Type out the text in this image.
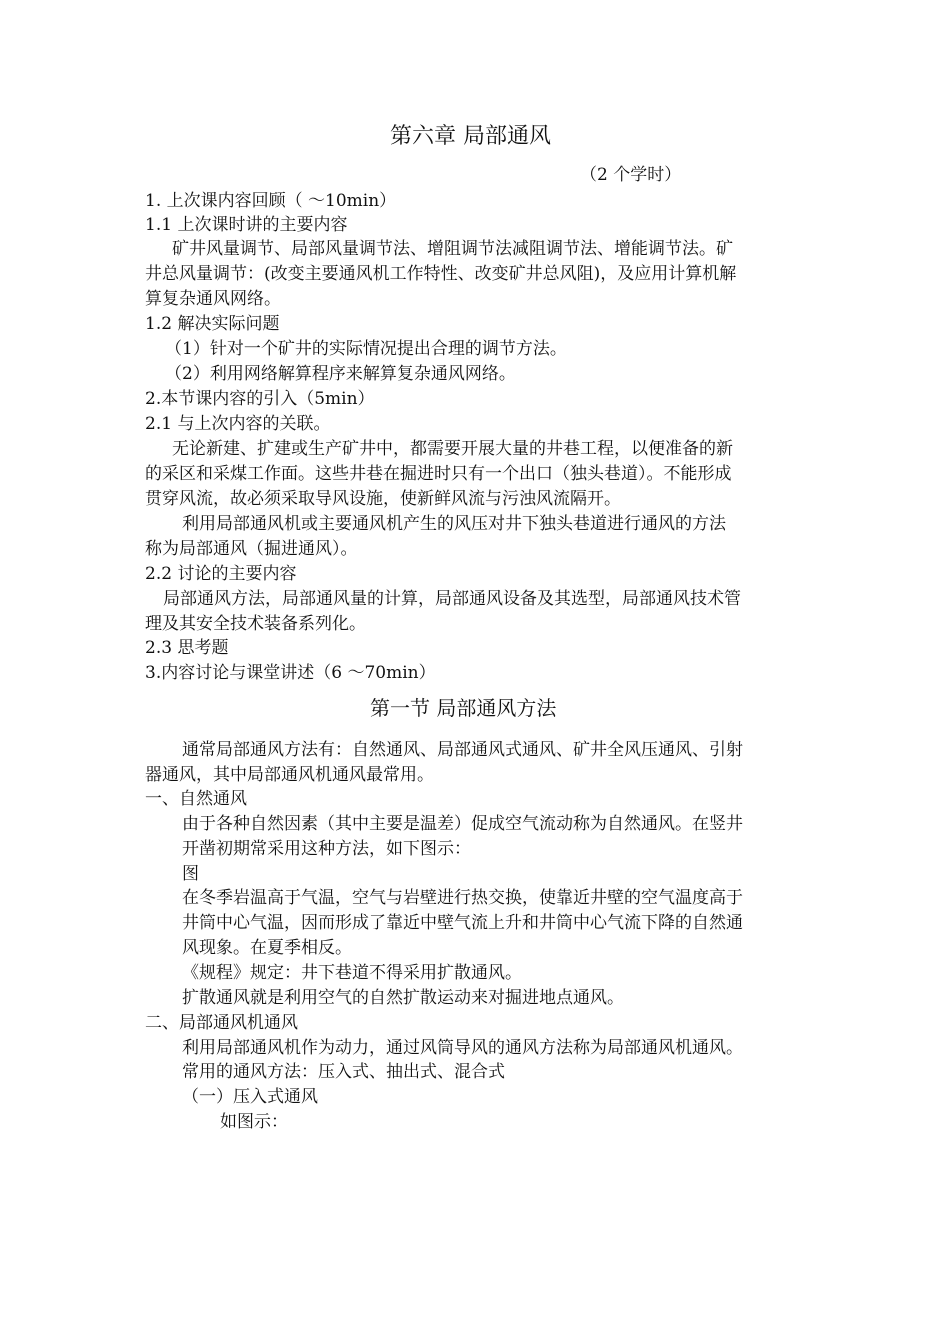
第六章 局部通风
（2 个学时）
1. 上次课内容回顾（ ～10min）
1.1 上次课时讲的主要内容
矿井风量调节、局部风量调节法、增阻调节法减阻调节法、增能调节法。矿
井总风量调节：(改变主要通风机工作特性、改变矿井总风阻)，及应用计算机解
算复杂通风网络。
1.2 解决实际问题
（1）针对一个矿井的实际情况提出合理的调节方法。
（2）利用网络解算程序来解算复杂通风网络。
2.本节课内容的引入（5min）
2.1 与上次内容的关联。
无论新建、扩建或生产矿井中，都需要开展大量的井巷工程，以便准备的新
的采区和采煤工作面。这些井巷在掘进时只有一个出口（独头巷道）。不能形成
贯穿风流，故必须采取导风设施，使新鲜风流与污浊风流隔开。
利用局部通风机或主要通风机产生的风压对井下独头巷道进行通风的方法
称为局部通风（掘进通风）。
2.2 讨论的主要内容
局部通风方法，局部通风量的计算，局部通风设备及其选型，局部通风技术管
理及其安全技术装备系列化。
2.3 思考题
3.内容讨论与课堂讲述（6 ～70min）
第一节 局部通风方法
通常局部通风方法有：自然通风、局部通风式通风、矿井全风压通风、引射
器通风，其中局部通风机通风最常用。
一、自然通风
由于各种自然因素（其中主要是温差）促成空气流动称为自然通风。在竖井
开凿初期常采用这种方法，如下图示：
图
在冬季岩温高于气温，空气与岩壁进行热交换，使靠近井壁的空气温度高于
井筒中心气温，因而形成了靠近中壁气流上升和井筒中心气流下降的自然通
风现象。在夏季相反。
《规程》规定：井下巷道不得采用扩散通风。
扩散通风就是利用空气的自然扩散运动来对掘进地点通风。
二、局部通风机通风
利用局部通风机作为动力，通过风筒导风的通风方法称为局部通风机通风。
常用的通风方法：压入式、抽出式、混合式
（一）压入式通风
如图示：
